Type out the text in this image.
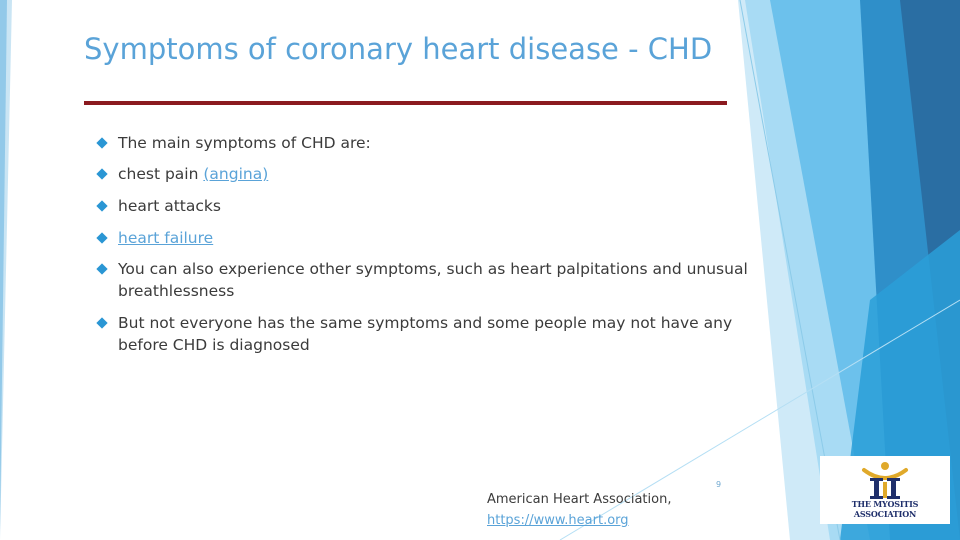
Symptoms of coronary heart disease - CHD
The main symptoms of CHD are:
chest pain (angina)
heart attacks
heart failure
You can also experience other symptoms, such as heart palpitations and unusual breathlessness
But not everyone has the same symptoms and some people may not have any before CHD is diagnosed
American Heart Association,
https://www.heart.org
9
THE MYOSITIS ASSOCIATION
